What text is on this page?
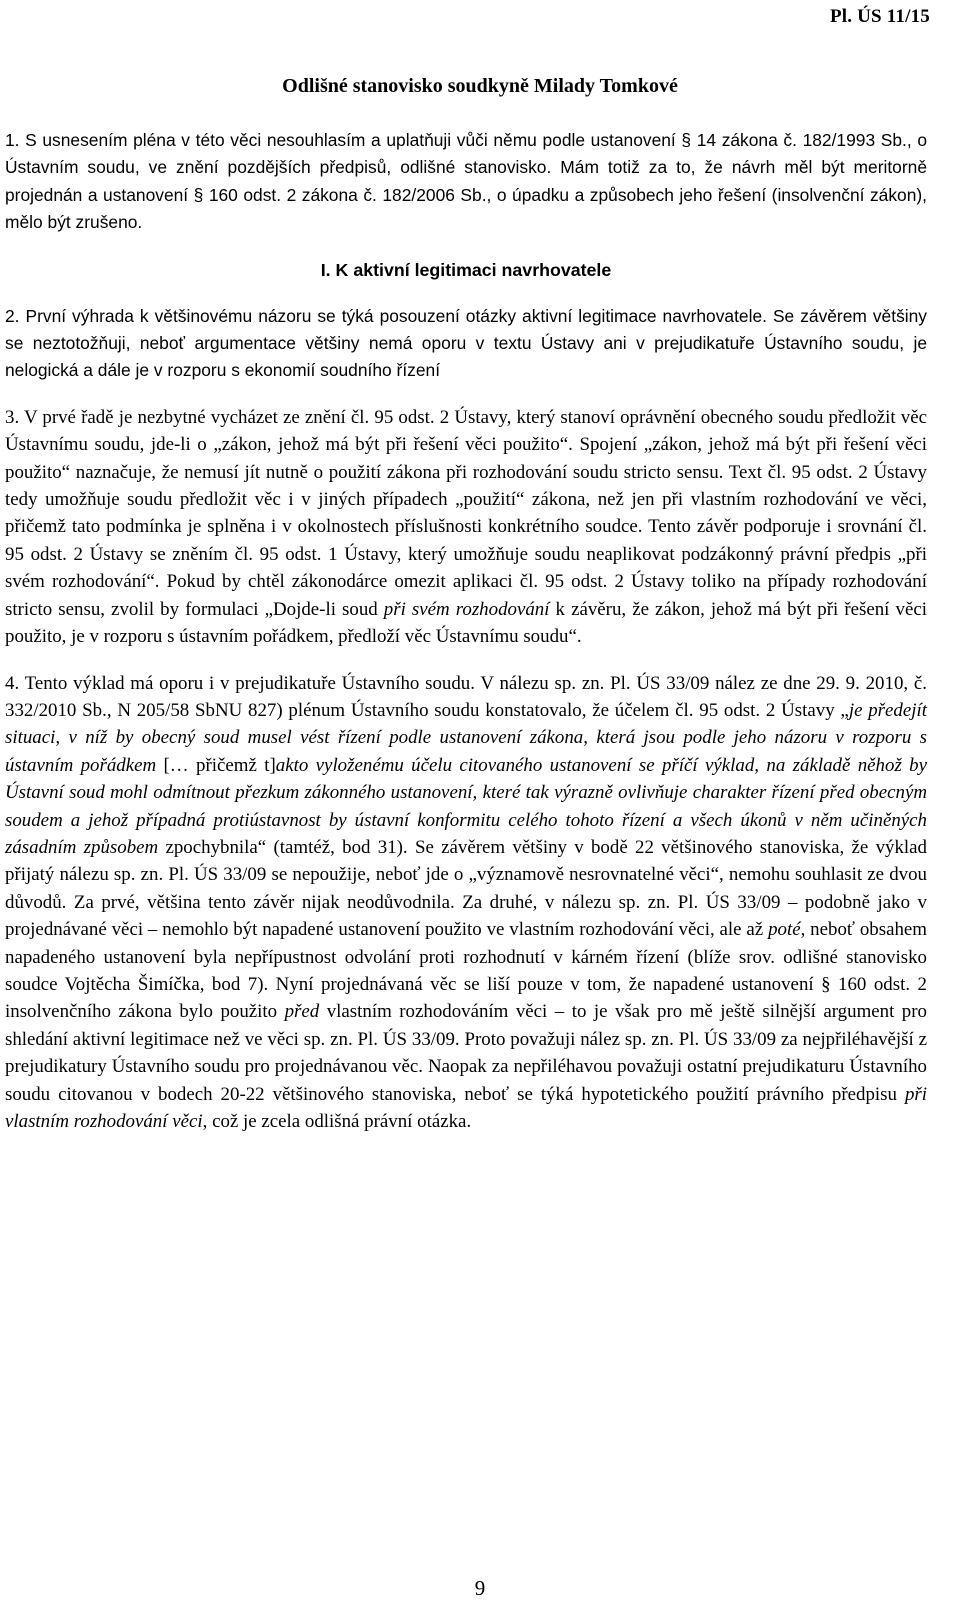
Pl. ÚS 11/15
Odlišné stanovisko soudkyně Milady Tomkové

1. S usnesením pléna v této věci nesouhlasím a uplatňuji vůči němu podle ustanovení § 14 zákona č. 182/1993 Sb., o Ústavním soudu, ve znění pozdějších předpisů, odlišné stanovisko. Mám totiž za to, že návrh měl být meritorně projednán a ustanovení § 160 odst. 2 zákona č. 182/2006 Sb., o úpadku a způsobech jeho řešení (insolvenční zákon), mělo být zrušeno.

I. K aktivní legitimaci navrhovatele

2. První výhrada k většinovému názoru se týká posouzení otázky aktivní legitimace navrhovatele. Se závěrem většiny se neztotožňuji, neboť argumentace většiny nemá oporu v textu Ústavy ani v prejudikatuře Ústavního soudu, je nelogická a dále je v rozporu s ekonomií soudního řízení

3. V prvé řadě je nezbytné vycházet ze znění čl. 95 odst. 2 Ústavy, který stanoví oprávnění obecného soudu předložit věc Ústavnímu soudu, jde-li o „zákon, jehož má být při řešení věci použito“. Spojení „zákon, jehož má být při řešení věci použito“ naznačuje, že nemusí jít nutně o použití zákona při rozhodování soudu stricto sensu. Text čl. 95 odst. 2 Ústavy tedy umožňuje soudu předložit věc i v jiných případech „použití“ zákona, než jen při vlastním rozhodování ve věci, přičemž tato podmínka je splněna i v okolnostech příslušnosti konkrétního soudce. Tento závěr podporuje i srovnání čl. 95 odst. 2 Ústavy se zněním čl. 95 odst. 1 Ústavy, který umožňuje soudu neaplikovat podzákonný právní předpis „při svém rozhodování“. Pokud by chtěl zákonodárce omezit aplikaci čl. 95 odst. 2 Ústavy toliko na případy rozhodování stricto sensu, zvolil by formulaci „Dojde-li soud při svém rozhodování k závěru, že zákon, jehož má být při řešení věci použito, je v rozporu s ústavním pořádkem, předloží věc Ústavnímu soudu“.

4. Tento výklad má oporu i v prejudikatuře Ústavního soudu. V nálezu sp. zn. Pl. ÚS 33/09 nález ze dne 29. 9. 2010, č. 332/2010 Sb., N 205/58 SbNU 827) plénum Ústavního soudu konstatovalo, že účelem čl. 95 odst. 2 Ústavy „je předejít situaci, v níž by obecný soud musel vést řízení podle ustanovení zákona, která jsou podle jeho názoru v rozporu s ústavním pořádkem [… přičemž t]akto vyloženému účelu citovaného ustanovení se příčí výklad, na základě něhož by Ústavní soud mohl odmítnout přezkum zákonného ustanovení, které tak výrazně ovlivňuje charakter řízení před obecným soudem a jehož případná protiústavnost by ústavní konformitu celého tohoto řízení a všech úkonů v něm učiněných zásadním způsobem zpochybnila“ (tamtéž, bod 31). Se závěrem většiny v bodě 22 většinového stanoviska, že výklad přijatý nálezu sp. zn. Pl. ÚS 33/09 se nepoužije, neboť jde o „významově nesrovnatelné věci“, nemohu souhlasit ze dvou důvodů. Za prvé, většina tento závěr nijak neodůvodnila. Za druhé, v nálezu sp. zn. Pl. ÚS 33/09 – podobně jako v projednávané věci – nemohlo být napadené ustanovení použito ve vlastním rozhodování věci, ale až poté, neboť obsahem napadeného ustanovení byla nepřípustnost odvolání proti rozhodnutí v kárném řízení (blíže srov. odlišné stanovisko soudce Vojtěcha Šimíčka, bod 7). Nyní projednávaná věc se liší pouze v tom, že napadené ustanovení § 160 odst. 2 insolvenčního zákona bylo použito před vlastním rozhodováním věci – to je však pro mě ještě silnější argument pro shledání aktivní legitimace než ve věci sp. zn. Pl. ÚS 33/09. Proto považuji nález sp. zn. Pl. ÚS 33/09 za nejpřiléhavější z prejudikatury Ústavního soudu pro projednávanou věc. Naopak za nepřiléhavou považuji ostatní prejudikaturu Ústavního soudu citovanou v bodech 20-22 většinového stanoviska, neboť se týká hypotetického použití právního předpisu při vlastním rozhodování věci, což je zcela odlišná právní otázka.

9
